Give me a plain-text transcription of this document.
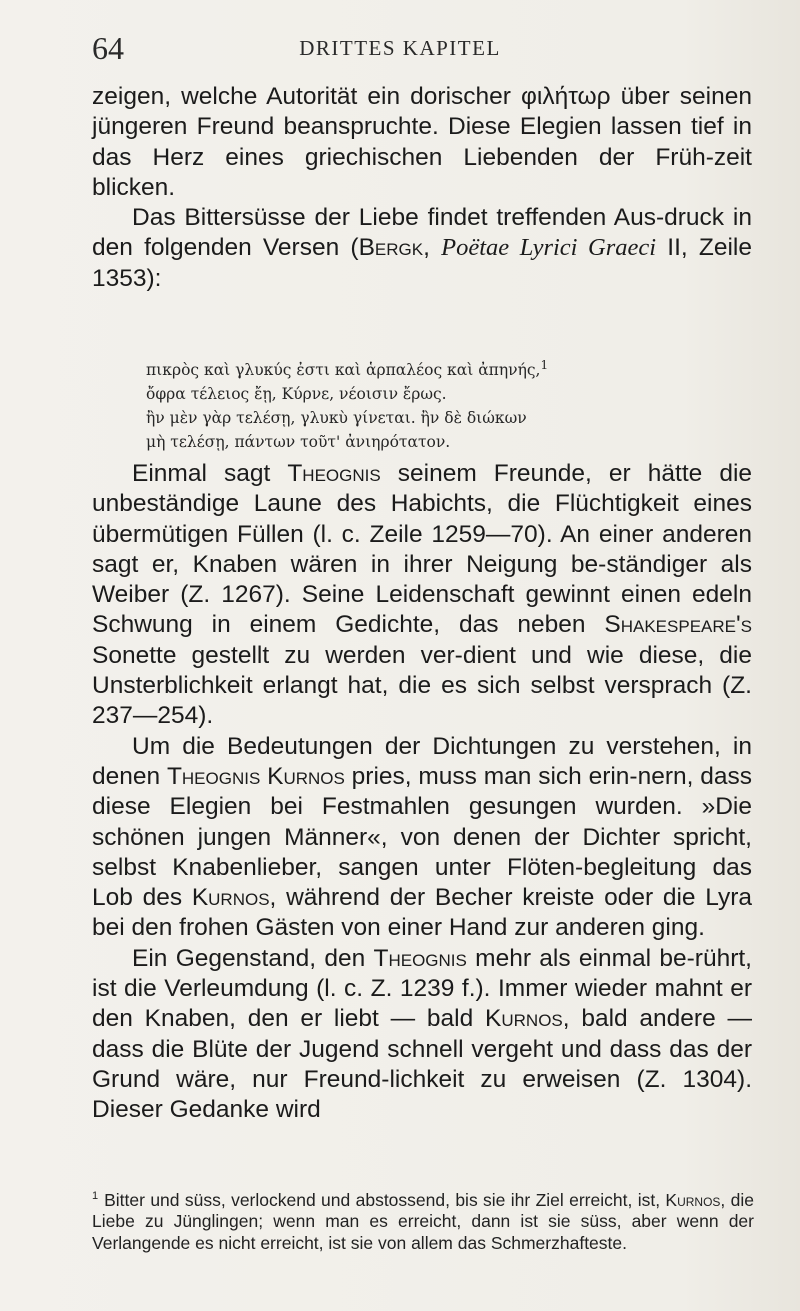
64	DRITTES KAPITEL

zeigen, welche Autorität ein dorischer φιλήτωρ über seinen jüngeren Freund beanspruchte. Diese Elegien lassen tief in das Herz eines griechischen Liebenden der Früh-zeit blicken.

Das Bittersüsse der Liebe findet treffenden Aus-druck in den folgenden Versen (Bergk, Poëtae Lyrici Graeci II, Zeile 1353):

πικρὸς καὶ γλυκύς ἐστι καὶ ἁρπαλέος καὶ ἀπηνής,$^1$
ὄφρα τέλειος ἔῃ, Κύρνε, νέοισιν ἔρως.
ἢν μὲν γὰρ τελέσῃ, γλυκὺ γίνεται. ἢν δὲ διώκων
μὴ τελέσῃ, πάντων τοῦτ' ἀνιηρότατον.

Einmal sagt Theognis seinem Freunde, er hätte die unbeständige Laune des Habichts, die Flüchtigkeit eines übermütigen Füllen (l. c. Zeile 1259—70). An einer anderen sagt er, Knaben wären in ihrer Neigung be-ständiger als Weiber (Z. 1267). Seine Leidenschaft gewinnt einen edeln Schwung in einem Gedichte, das neben Shakespeare's Sonette gestellt zu werden ver-dient und wie diese, die Unsterblichkeit erlangt hat, die es sich selbst versprach (Z. 237—254).

Um die Bedeutungen der Dichtungen zu verstehen, in denen Theognis Kurnos pries, muss man sich erin-nern, dass diese Elegien bei Festmahlen gesungen wurden. »Die schönen jungen Männer«, von denen der Dichter spricht, selbst Knabenlieber, sangen unter Flöten-begleitung das Lob des Kurnos, während der Becher kreiste oder die Lyra bei den frohen Gästen von einer Hand zur anderen ging.

Ein Gegenstand, den Theognis mehr als einmal be-rührt, ist die Verleumdung (l. c. Z. 1239 f.). Immer wieder mahnt er den Knaben, den er liebt — bald Kurnos, bald andere — dass die Blüte der Jugend schnell vergeht und dass das der Grund wäre, nur Freund-lichkeit zu erweisen (Z. 1304). Dieser Gedanke wird

$^1$ Bitter und süss, verlockend und abstossend, bis sie ihr Ziel erreicht, ist, Kurnos, die Liebe zu Jünglingen; wenn man es erreicht, dann ist sie süss, aber wenn der Verlangende es nicht erreicht, ist sie von allem das Schmerzhafteste.
